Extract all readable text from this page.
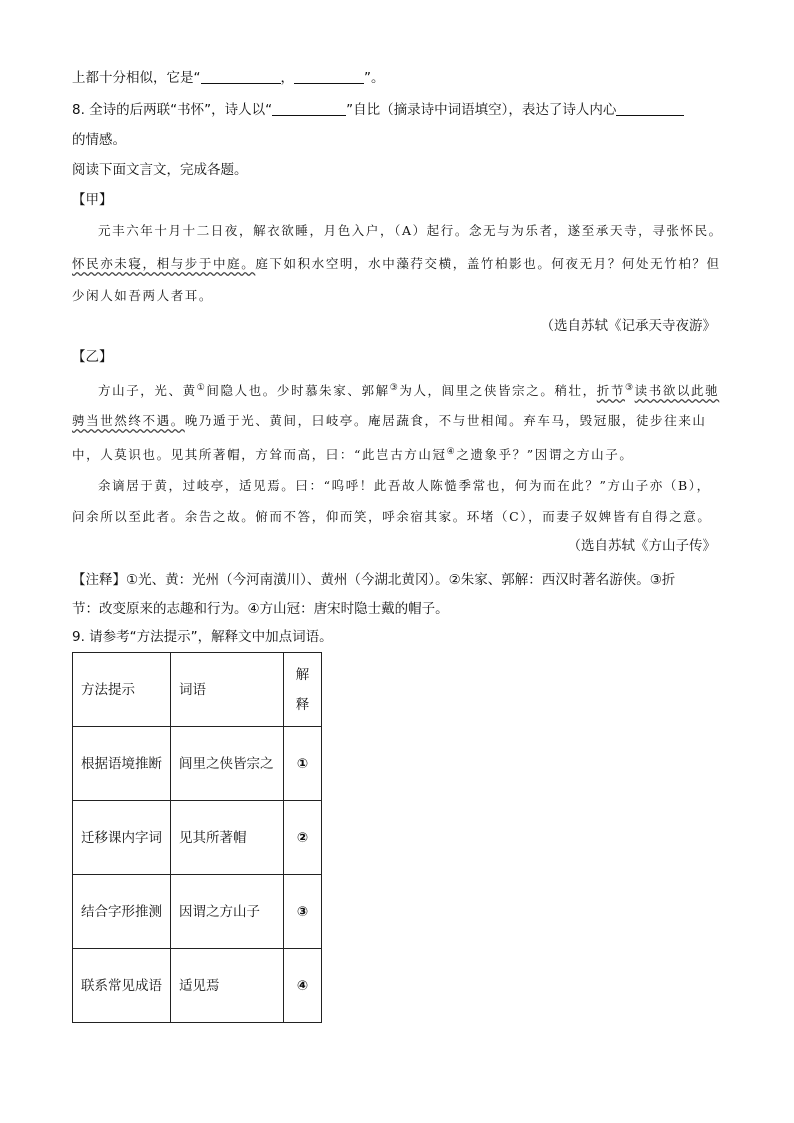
上都十分相似，它是“	，	”。
8. 全诗的后两联“书怀”，诗人以“	”自比（摘录诗中词语填空），表达了诗人内心
的情感。
阅读下面文言文，完成各题。
【甲】
元丰六年十月十二日夜，解衣欲睡，月色入户，（A）起行。念无与为乐者，遂至承天寺，寻张怀民。
怀民亦未寝，相与步于中庭。庭下如积水空明，水中藻荇交横，盖竹柏影也。何夜无月？何处无竹柏？但
少闲人如吾两人者耳。
（选自苏轼《记承天寺夜游》
【乙】
方山子，光、黄①间隐人也。少时慕朱家、郭解③为人，闾里之侠皆宗之。稍壮，折节③读书欲以此驰
骋当世然终不遇。晚乃遁于光、黄间，曰岐亭。庵居蔬食，不与世相闻。弃车马，毁冠服，徒步往来山
中，人莫识也。见其所著帽，方耸而高，曰：“此岂古方山冠④之遗象乎？”因谓之方山子。
余谪居于黄，过岐亭，适见焉。曰：“呜呼！此吾故人陈慥季常也，何为而在此？”方山子亦（B），
问余所以至此者。余告之故。俯而不答，仰而笑，呼余宿其家。环堵（C），而妻子奴婢皆有自得之意。
（选自苏轼《方山子传》
【注释】①光、黄：光州（今河南潢川）、黄州（今湖北黄冈）。②朱家、郭解：西汉时著名游侠。③折
节：改变原来的志趣和行为。④方山冠：唐宋时隐士戴的帽子。
9. 请参考“方法提示”，解释文中加点词语。
方法提示	词语	解释
根据语境推断	闾里之侠皆宗之	①
迁移课内字词	见其所著帽	②
结合字形推测	因谓之方山子	③
联系常见成语	适见焉	④
